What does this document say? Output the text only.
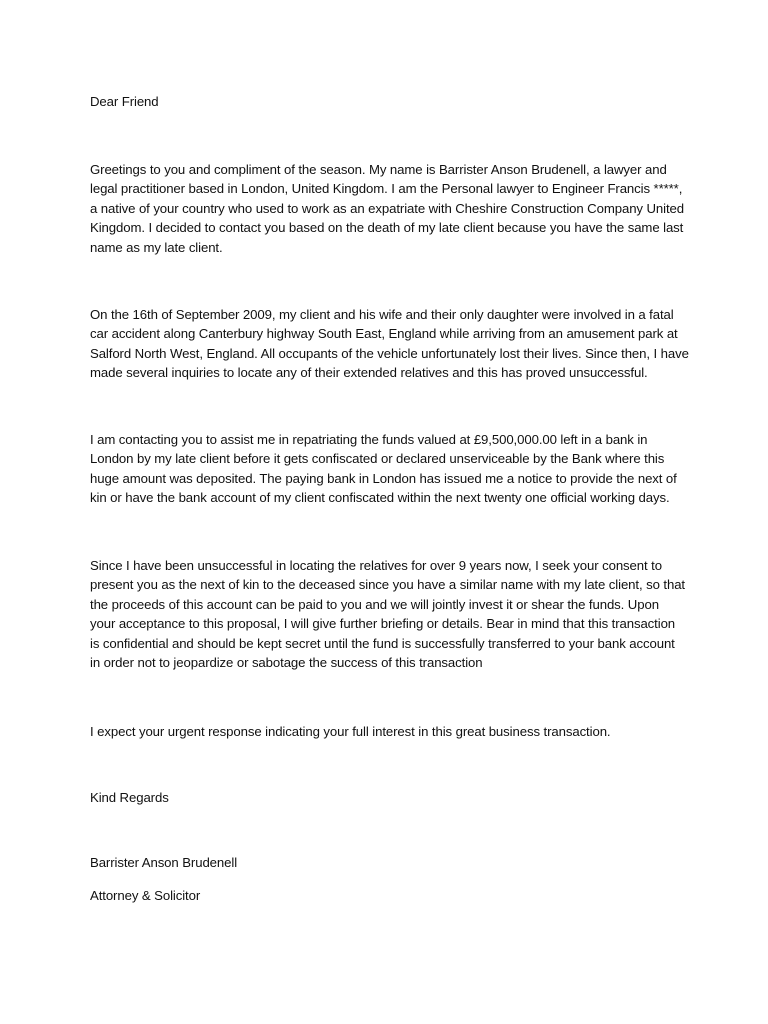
Dear Friend

Greetings to you and compliment of the season. My name is Barrister Anson Brudenell, a lawyer and
legal practitioner based in London, United Kingdom. I am the Personal lawyer to Engineer Francis *****,
a native of your country who used to work as an expatriate with Cheshire Construction Company United
Kingdom. I decided to contact you based on the death of my late client because you have the same last
name as my late client.

On the 16th of September 2009, my client and his wife and their only daughter were involved in a fatal
car accident along Canterbury highway South East, England while arriving from an amusement park at
Salford North West, England. All occupants of the vehicle unfortunately lost their lives. Since then, I have
made several inquiries to locate any of their extended relatives and this has proved unsuccessful.

I am contacting you to assist me in repatriating the funds valued at £9,500,000.00 left in a bank in
London by my late client before it gets confiscated or declared unserviceable by the Bank where this
huge amount was deposited. The paying bank in London has issued me a notice to provide the next of
kin or have the bank account of my client confiscated within the next twenty one official working days.

Since I have been unsuccessful in locating the relatives for over 9 years now, I seek your consent to
present you as the next of kin to the deceased since you have a similar name with my late client, so that
the proceeds of this account can be paid to you and we will jointly invest it or shear the funds. Upon
your acceptance to this proposal, I will give further briefing or details. Bear in mind that this transaction
is confidential and should be kept secret until the fund is successfully transferred to your bank account
in order not to jeopardize or sabotage the success of this transaction

I expect your urgent response indicating your full interest in this great business transaction.

Kind Regards

Barrister Anson Brudenell

Attorney & Solicitor
